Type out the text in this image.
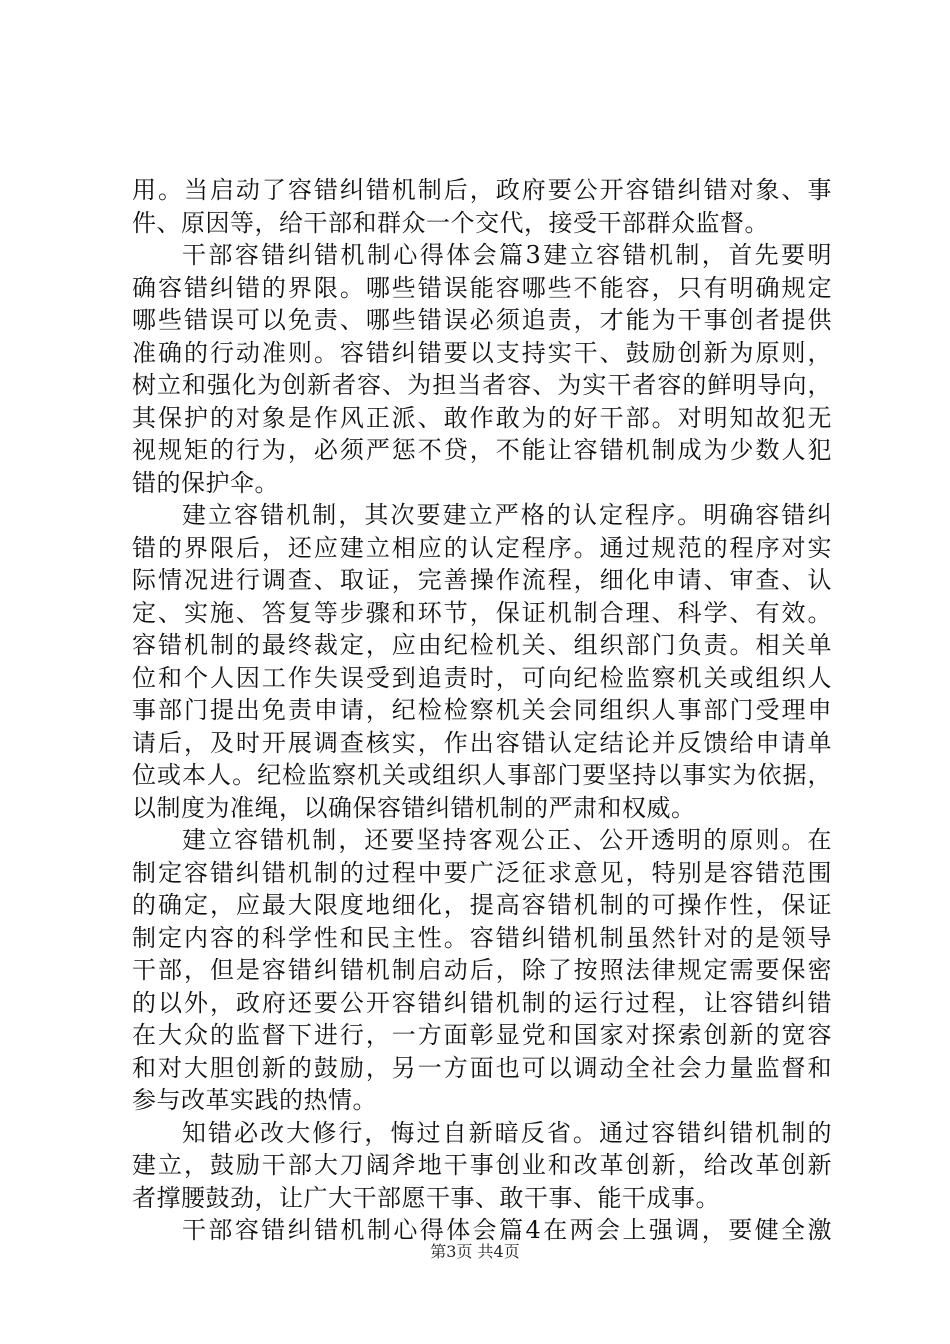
用。当启动了容错纠错机制后，政府要公开容错纠错对象、事
件、原因等，给干部和群众一个交代，接受干部群众监督。
干部容错纠错机制心得体会篇3建立容错机制，首先要明
确容错纠错的界限。哪些错误能容哪些不能容，只有明确规定
哪些错误可以免责、哪些错误必须追责，才能为干事创者提供
准确的行动准则。容错纠错要以支持实干、鼓励创新为原则，
树立和强化为创新者容、为担当者容、为实干者容的鲜明导向，
其保护的对象是作风正派、敢作敢为的好干部。对明知故犯无
视规矩的行为，必须严惩不贷，不能让容错机制成为少数人犯
错的保护伞。
建立容错机制，其次要建立严格的认定程序。明确容错纠
错的界限后，还应建立相应的认定程序。通过规范的程序对实
际情况进行调查、取证，完善操作流程，细化申请、审查、认
定、实施、答复等步骤和环节，保证机制合理、科学、有效。
容错机制的最终裁定，应由纪检机关、组织部门负责。相关单
位和个人因工作失误受到追责时，可向纪检监察机关或组织人
事部门提出免责申请，纪检检察机关会同组织人事部门受理申
请后，及时开展调查核实，作出容错认定结论并反馈给申请单
位或本人。纪检监察机关或组织人事部门要坚持以事实为依据，
以制度为准绳，以确保容错纠错机制的严肃和权威。
建立容错机制，还要坚持客观公正、公开透明的原则。在
制定容错纠错机制的过程中要广泛征求意见，特别是容错范围
的确定，应最大限度地细化，提高容错机制的可操作性，保证
制定内容的科学性和民主性。容错纠错机制虽然针对的是领导
干部，但是容错纠错机制启动后，除了按照法律规定需要保密
的以外，政府还要公开容错纠错机制的运行过程，让容错纠错
在大众的监督下进行，一方面彰显党和国家对探索创新的宽容
和对大胆创新的鼓励，另一方面也可以调动全社会力量监督和
参与改革实践的热情。
知错必改大修行，悔过自新暗反省。通过容错纠错机制的
建立，鼓励干部大刀阔斧地干事创业和改革创新，给改革创新
者撑腰鼓劲，让广大干部愿干事、敢干事、能干成事。
干部容错纠错机制心得体会篇4在两会上强调，要健全激
第3页 共4页
